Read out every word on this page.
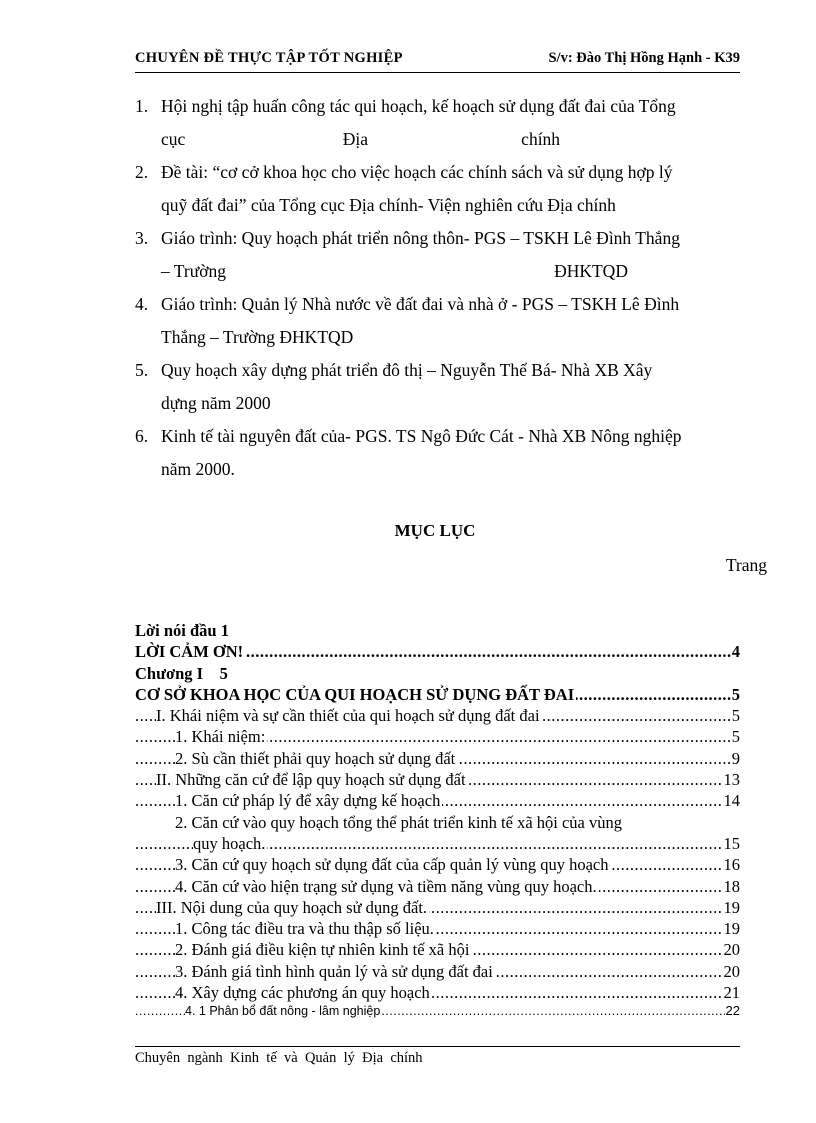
CHUYÊN ĐỀ THỰC TẬP TỐT NGHIỆP	S/v: Đào Thị Hồng Hạnh - K39
1. Hội nghị tập huấn công tác qui hoạch, kế hoạch sử dụng đất đai của Tổng
cục                                    Địa                                   chính
2. Đề tài: “cơ cở khoa học cho việc hoạch các chính sách và sử dụng hợp lý
quỹ đất đai” của Tổng cục Địa chính- Viện nghiên cứu Địa chính
3. Giáo trình: Quy hoạch phát triển nông thôn- PGS – TSKH Lê Đình Thắng
– Trường                                                                           ĐHKTQD
4. Giáo trình: Quản lý Nhà nước về đất đai và nhà ở - PGS – TSKH Lê Đình
Thắng – Trường ĐHKTQD
5. Quy hoạch xây dựng phát triển đô thị – Nguyễn Thế Bá- Nhà XB Xây
dựng năm 2000
6. Kinh tế tài nguyên đất của- PGS. TS Ngô Đức Cát - Nhà XB Nông nghiệp
năm 2000.
MỤC LỤC
Trang
Lời nói đầu 1
..... LỜI CẢM ƠN!	4
Chương I 5
..... CƠ SỞ KHOA HỌC CỦA QUI HOẠCH SỬ DỤNG ĐẤT ĐAI	5
..... I. Khái niệm và sự cần thiết của qui hoạch sử dụng đất đai	5
..... 1. Khái niệm:	5
..... 2. Sù cần thiết phải quy hoạch sử dụng đất	9
..... II. Những căn cứ để lập quy hoạch sử dụng đất	13
..... 1. Căn cứ pháp lý để xây dựng kế hoạch	14
2. Căn cứ vào quy hoạch tổng thể phát triển kinh tế xã hội của vùng
..... quy hoạch.	15
..... 3. Căn cứ quy hoạch sử dụng đất của cấp quản lý vùng quy hoạch	16
..... 4. Căn cứ vào hiện trạng sử dụng và tiềm năng vùng quy hoạch.	18
..... III. Nội dung của quy hoạch sử dụng đất.	19
..... 1. Công tác điều tra và thu thập số liệu.	19
..... 2. Đánh giá điều kiện tự nhiên kinh tế xã hội	20
..... 3. Đánh giá tình hình quản lý và sử dụng đất đai	20
..... 4. Xây dựng các phương án quy hoạch	21
..... 4. 1 Phân bổ đất nông - lâm nghiệp	22
Chuyên  ngành  Kinh  tế  và  Quản  lý  Địa  chính
